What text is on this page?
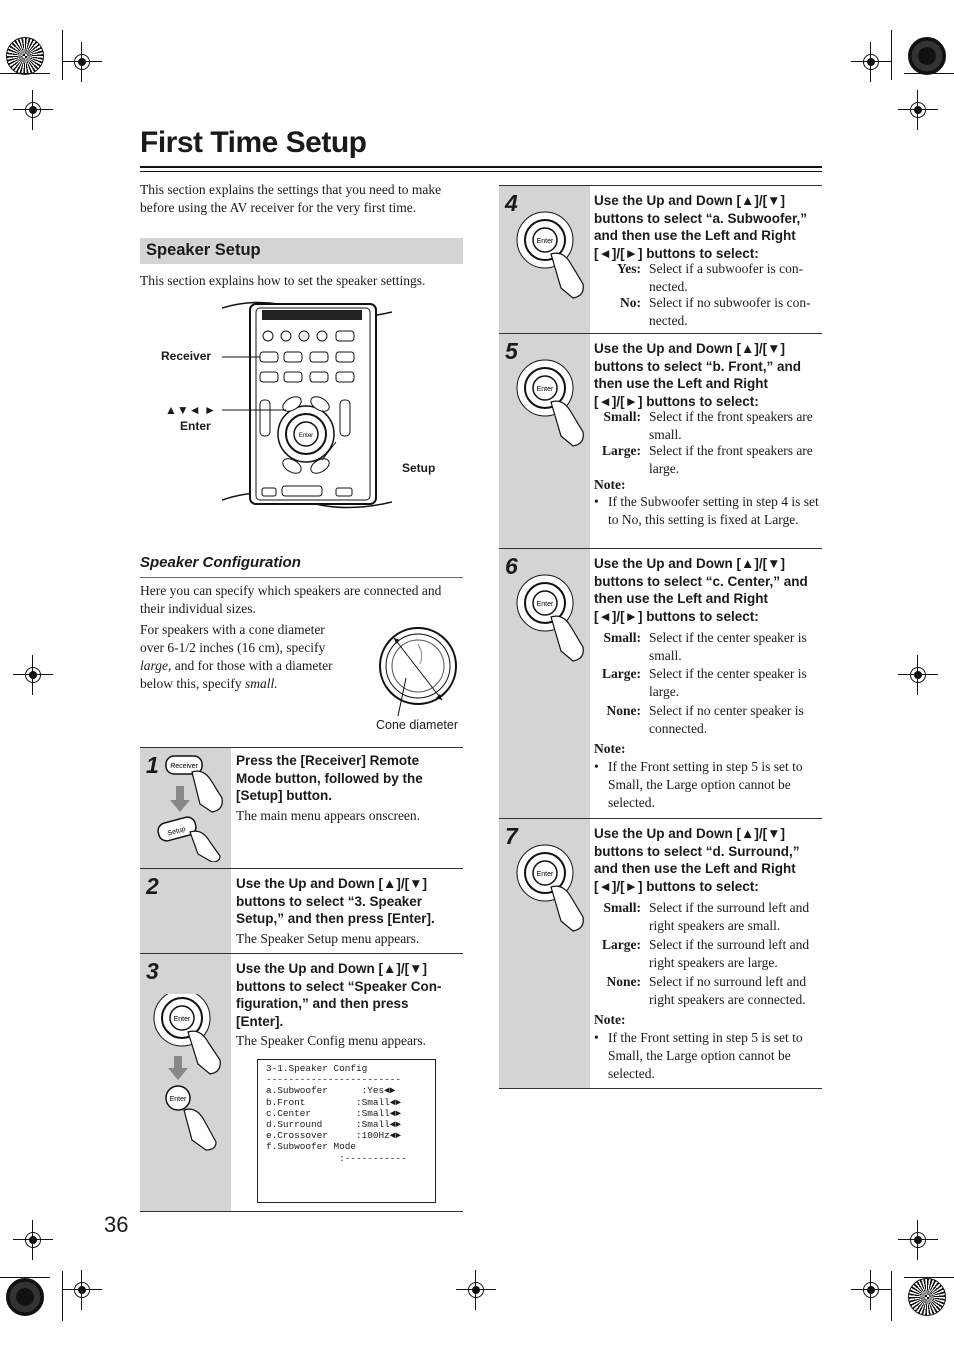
First Time Setup
This section explains the settings that you need to make before using the AV receiver for the very first time.
Speaker Setup
This section explains how to set the speaker settings.
Enter
Receiver
▲▼◄ ►
Enter
Setup
Speaker Configuration
Here you can specify which speakers are connected and their individual sizes.
For speakers with a cone diameter over 6-1/2 inches (16 cm), specify large, and for those with a diameter below this, specify small.
Cone diameter
1 Receiver
Setup
Press the [Receiver] Remote Mode button, followed by the [Setup] button.
The main menu appears onscreen.
2	Use the Up and Down [▲]/[▼] buttons to select “3. Speaker Setup,” and then press [Enter].
The Speaker Setup menu appears.
3
Enter
Enter
Use the Up and Down [▲]/[▼] buttons to select “Speaker Con-figuration,” and then press [Enter].
The Speaker Config menu appears.
3-1.Speaker Config
------------------------
a.Subwoofer      :Yes◄►
b.Front         :Small◄►
c.Center        :Small◄►
d.Surround      :Small◄►
e.Crossover     :100Hz◄►
f.Subwoofer Mode
:-----------
4
Enter
Use the Up and Down [▲]/[▼] buttons to select “a. Subwoofer,” and then use the Left and Right [◄]/[►] buttons to select:
Yes: Select if a subwoofer is con-nected.
No: Select if no subwoofer is con-nected.
5
Enter
Use the Up and Down [▲]/[▼] buttons to select “b. Front,” and then use the Left and Right [◄]/[►] buttons to select:
Small: Select if the front speakers are small.
Large: Select if the front speakers are large.
Note:
• If the Subwoofer setting in step 4 is set to No, this setting is fixed at Large.
6
Enter
Use the Up and Down [▲]/[▼] buttons to select “c. Center,” and then use the Left and Right [◄]/[►] buttons to select:
Small: Select if the center speaker is small.
Large: Select if the center speaker is large.
None: Select if no center speaker is connected.
Note:
• If the Front setting in step 5 is set to Small, the Large option cannot be selected.
7
Enter
Use the Up and Down [▲]/[▼] buttons to select “d. Surround,” and then use the Left and Right [◄]/[►] buttons to select:
Small: Select if the surround left and right speakers are small.
Large: Select if the surround left and right speakers are large.
None: Select if no surround left and right speakers are connected.
Note:
• If the Front setting in step 5 is set to Small, the Large option cannot be selected.
36
